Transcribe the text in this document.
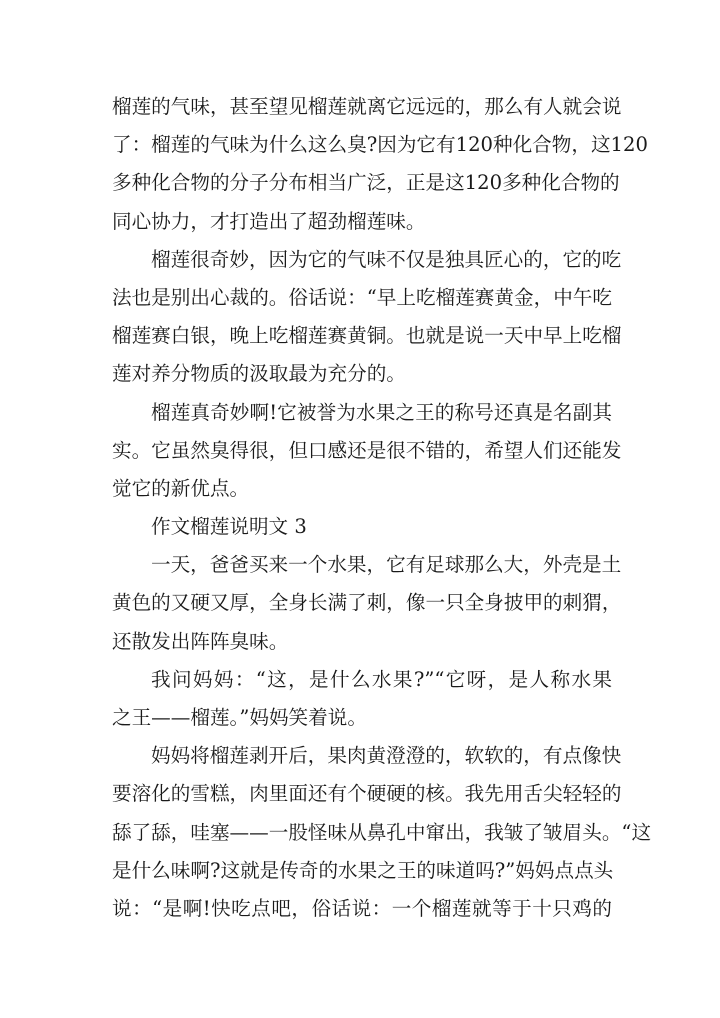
榴莲的气味，甚至望见榴莲就离它远远的，那么有人就会说
了：榴莲的气味为什么这么臭?因为它有120种化合物，这120
多种化合物的分子分布相当广泛，正是这120多种化合物的
同心协力，才打造出了超劲榴莲味。
榴莲很奇妙，因为它的气味不仅是独具匠心的，它的吃
法也是别出心裁的。俗话说：“早上吃榴莲赛黄金，中午吃
榴莲赛白银，晚上吃榴莲赛黄铜。也就是说一天中早上吃榴
莲对养分物质的汲取最为充分的。
榴莲真奇妙啊!它被誉为水果之王的称号还真是名副其
实。它虽然臭得很，但口感还是很不错的，希望人们还能发
觉它的新优点。
作文榴莲说明文 3
一天，爸爸买来一个水果，它有足球那么大，外壳是土
黄色的又硬又厚，全身长满了刺，像一只全身披甲的刺猬，
还散发出阵阵臭味。
我问妈妈：“这，是什么水果?”“它呀，是人称水果
之王——榴莲。”妈妈笑着说。
妈妈将榴莲剥开后，果肉黄澄澄的，软软的，有点像快
要溶化的雪糕，肉里面还有个硬硬的核。我先用舌尖轻轻的
舔了舔，哇塞——一股怪味从鼻孔中窜出，我皱了皱眉头。“这
是什么味啊?这就是传奇的水果之王的味道吗?”妈妈点点头
说：“是啊!快吃点吧，俗话说：一个榴莲就等于十只鸡的
